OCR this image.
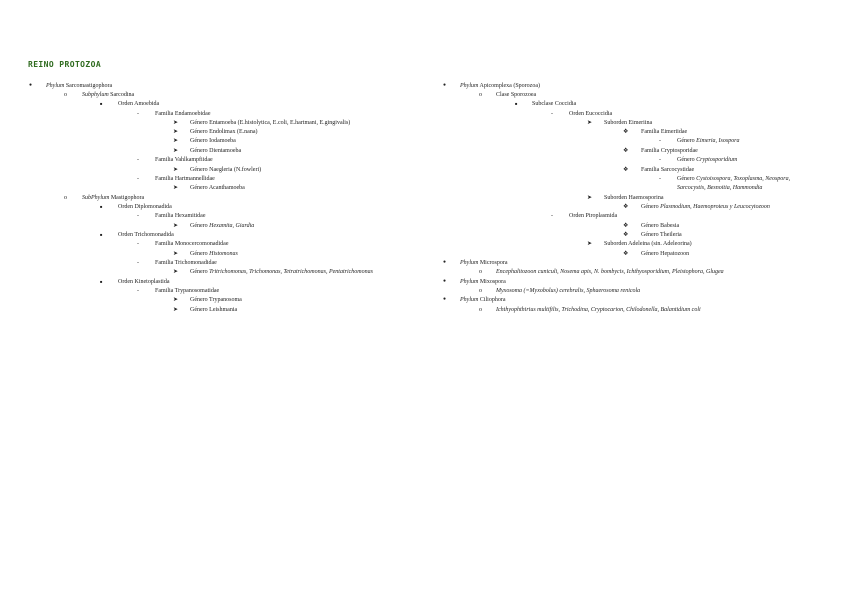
REINO PROTOZOA
● Phylum Sarcomastigophora
o	Subphylum Sarcodina
■	Orden Amoebida
-	Familia Endamoebidae
➤ Género Entamoeba (E.histolytica, E.coli, E.hartmani, E.gingivalis)
➤ Género Endolimax (E.nana)
➤ Género Iodamoeba
➤ Género Dientamoeba
-	Familia Vahlkampfiidae
➤ Género Naegleria (N.fowleri)
-	Familia Hartmannellidae
➤ Género Acanthamoeba
o	SubPhylum Mastigophora
■	Orden Diplomonadida
-	Familia Hexamitidae
➤ Género Hexamita, Giardia
■	Orden Trichomonadida
-	Familia Monocercomonadidae
➤ Género Histomonas
-	Familia Trichomonadidae
➤ Género Tritrichomonas, Trichomonas, Tetratrichomonas, Pentatrichomonas
■	Orden Kinetoplastida
-	Familia Trypanosomatidae
➤ Género Trypanosoma
➤ Género Leishmania
● Phylum Apicomplexa (Sporozoa)
o Clase Sporozoea
■ Subclase Coccidia
-	Orden Eucoccidia
➤ Suborden Eimeriina
❖ Familia Eimeriidae
-	Género Eimeria, Isospora
❖ Familia Cryptosporidae
-	Género Cryptosporidium
❖ Familia Sarcocystidae
-	Género Cystoisospora, Toxoplasma, Neospora,
Sarcocystis, Besnoitia, Hammondia
➤ Suborden Haemosporina
❖ Género Plasmodium, Haemoproteus y Leucocytozoon
-	Orden Piroplasmida
❖ Género Babesia
❖ Género Theileria
➤ Suborden Adeleina (sin. Adeleorina)
❖ Género Hepatozoon
● Phylum Microspora
o Encephalitozoon cuniculi, Nosema apis, N. bombycis, Ichthyosporidium, Pleistophora, Glugea
● Phylum Mixospora
o Myxosoma (=Myxobolus) cerebralis, Sphaerosoma renicola
● Phylum Ciliophora
o Ichthyophthirius multifilis, Trichodina, Cryptocarion, Chilodonella, Balantidium coli
